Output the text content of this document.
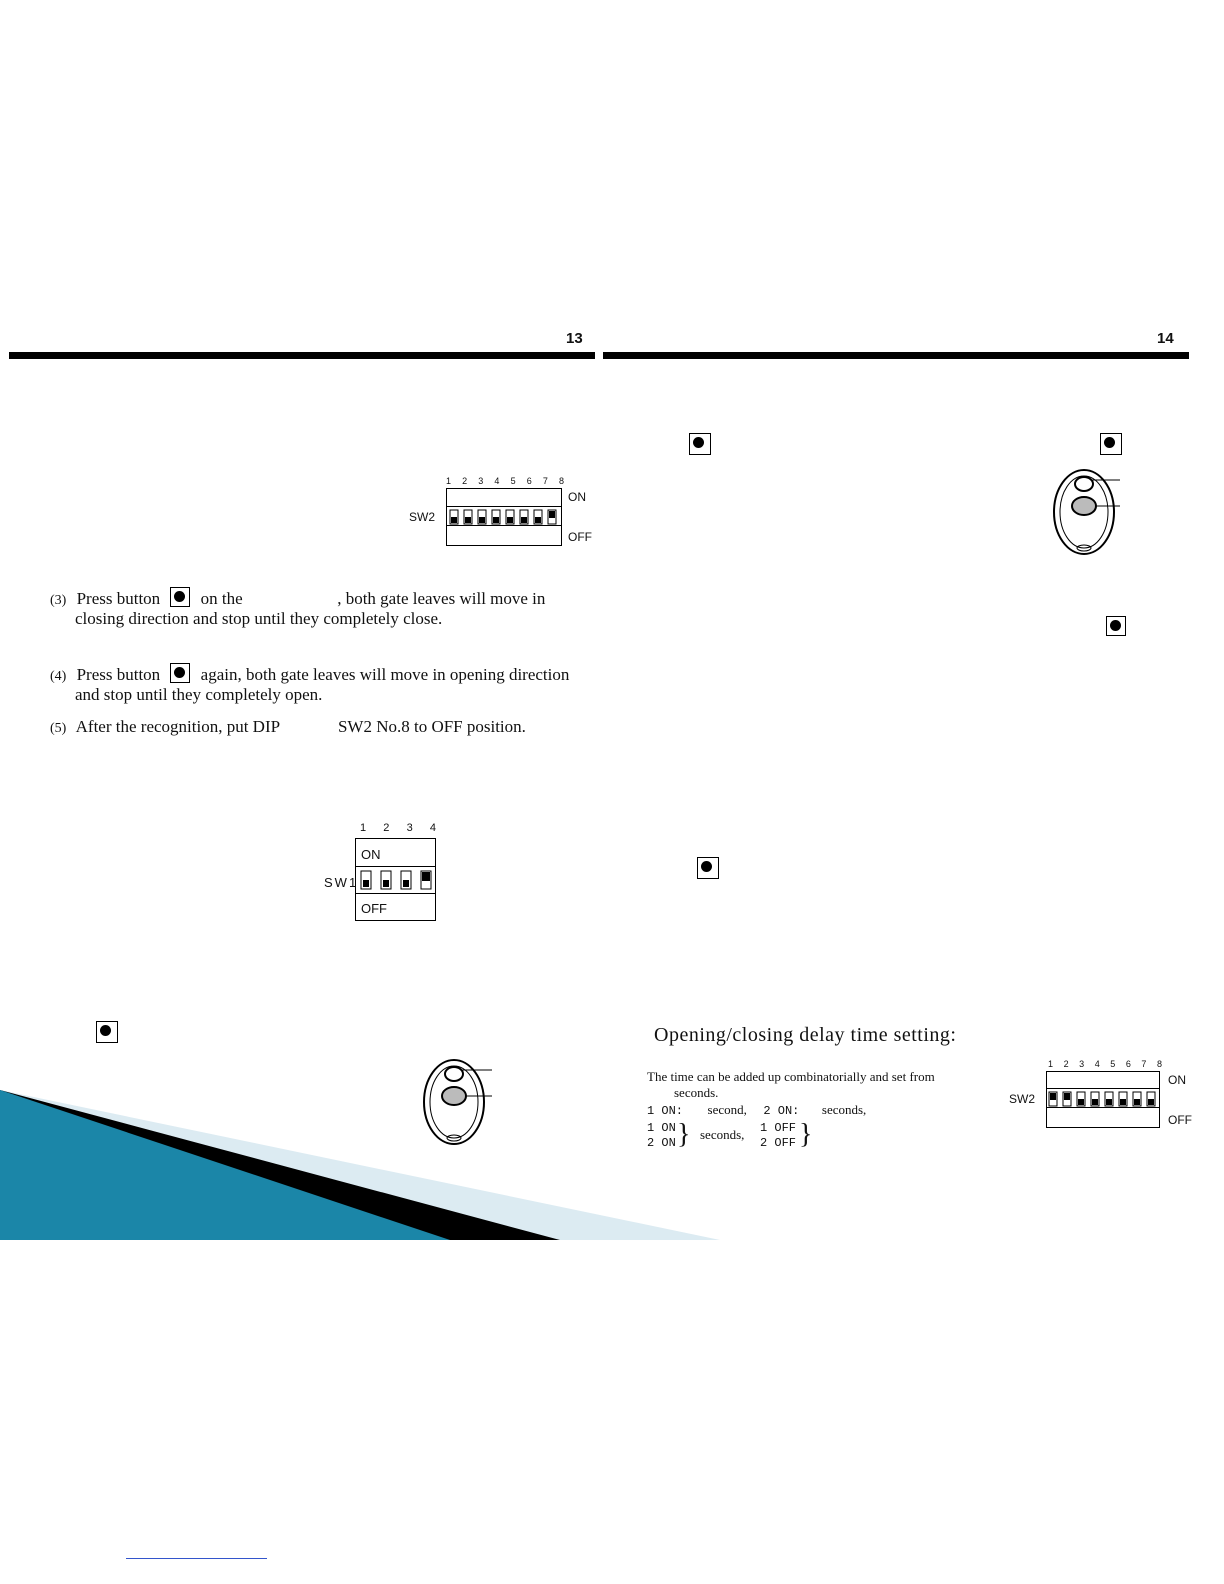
13	14
1 2 3 4 5 6 7 8
SW2
ON
OFF
(3) Press button on the	, both gate leaves will move in
closing direction and stop until they completely close.
(4) Press button again, both gate leaves will move in opening direction
and stop until they completely open.
(5) After the recognition, put DIP	SW2 No.8 to OFF position.
1 2 3 4
ON
OFF
SW1
Opening/closing delay time setting:
The time can be added up combinatorially and set from
seconds.
1 ON: second, 2 ON: seconds,
1 ON
2 ON } seconds, 1 OFF
2 OFF }
1 2 3 4 5 6 7 8
SW2
ON
OFF
